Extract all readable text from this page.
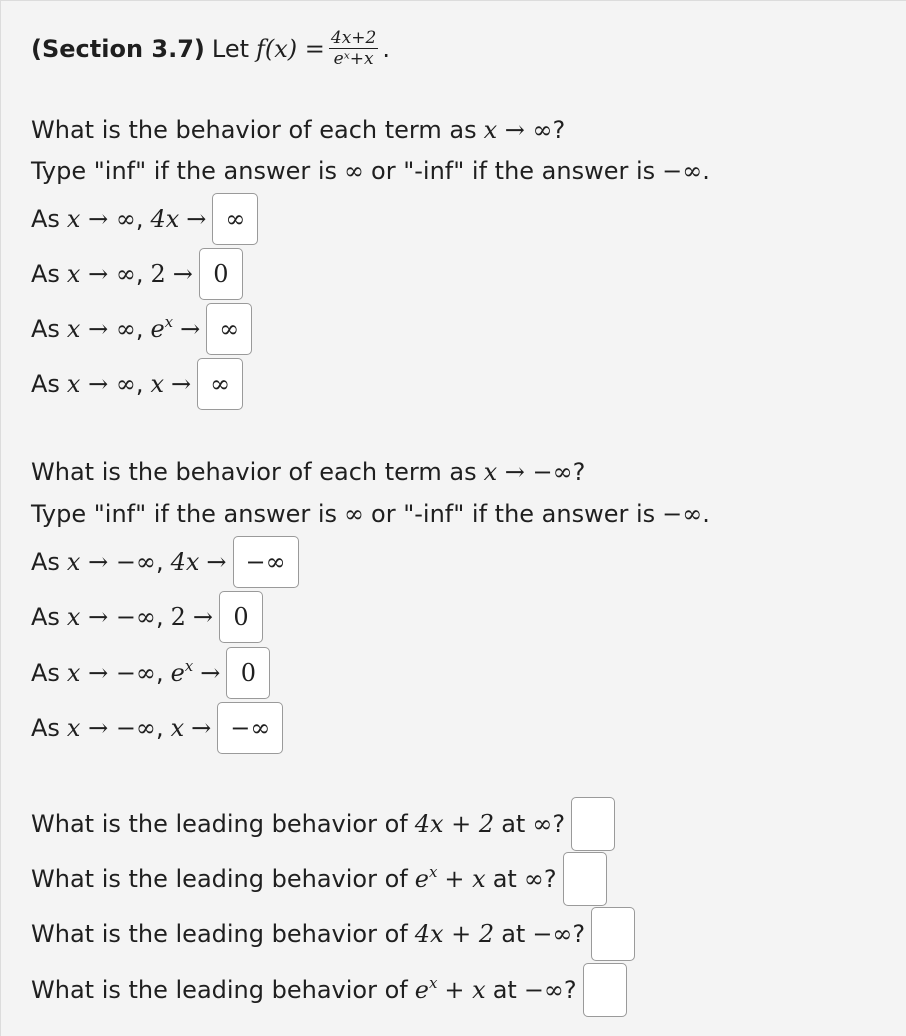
(Section 3.7) Let $f(x) = \frac{4x+2}{\text{eˣ+x}}$ .
What is the behavior of each term as x → ∞ ?
Type "inf" if the answer is ∞ or "-inf" if the answer is −∞ .
As x → ∞ , 4x → ∞
As x → ∞ , 2 → 0
As x → ∞ , $e^x$ → ∞
As x → ∞ , x → ∞
What is the behavior of each term as x → −∞ ?
Type "inf" if the answer is ∞ or "-inf" if the answer is −∞ .
As x → −∞ , 4x → −∞
As x → −∞ , 2 → 0
As x → −∞ , $e^x \to 0$
As x → −∞ , x → −∞
What is the leading behavior of 4x + 2 at ∞ ?
What is the leading behavior of $e^x + x$ at ∞ ?
What is the leading behavior of 4x + 2 at −∞ ?
What is the leading behavior of $e^x + x$ at −∞ ?
